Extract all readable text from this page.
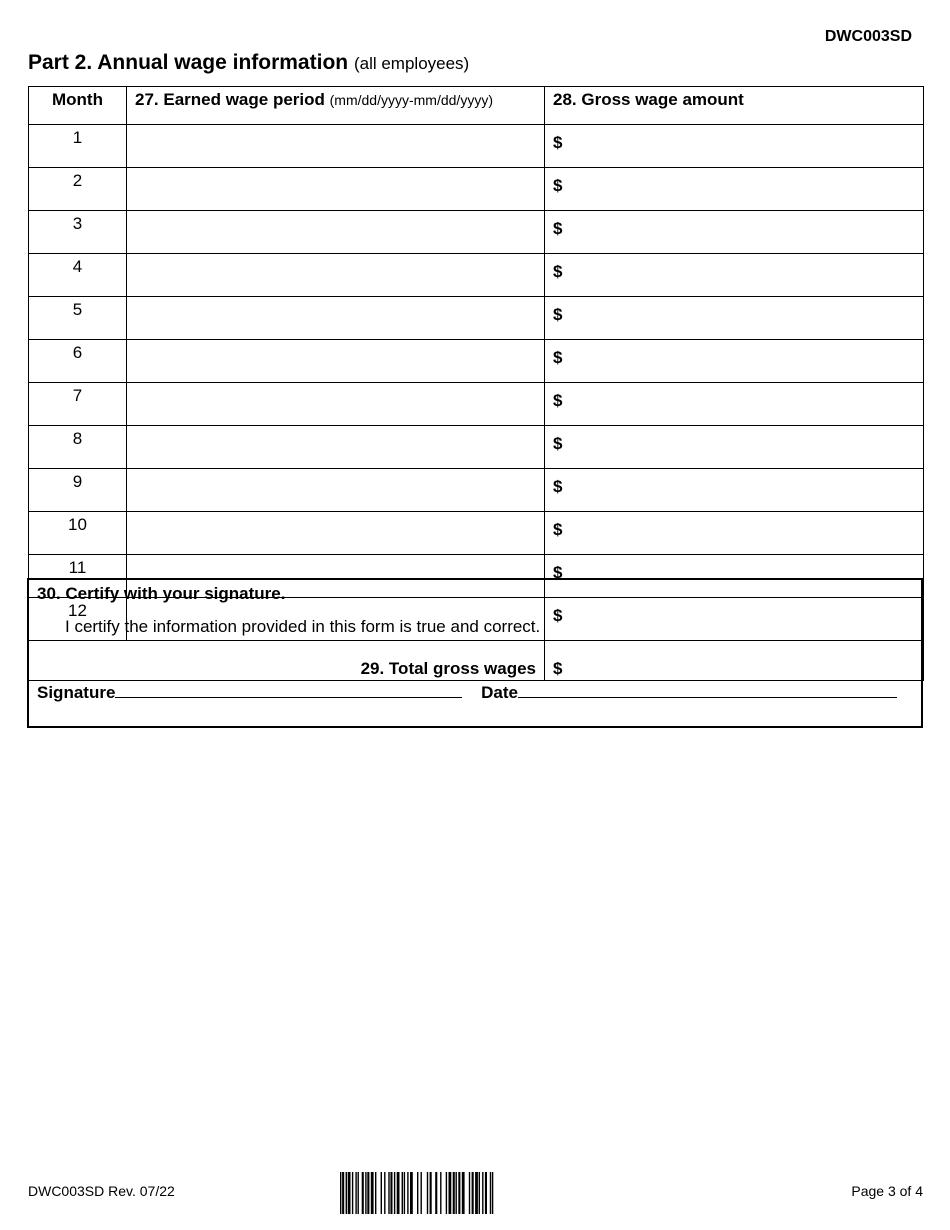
DWC003SD
Part 2. Annual wage information (all employees)
Month	27. Earned wage period (mm/dd/yyyy-mm/dd/yyyy)	28. Gross wage amount
1		$
2		$
3		$
4		$
5		$
6		$
7		$
8		$
9		$
10		$
11		$
12		$
29. Total gross wages		$
30. Certify with your signature.
I certify the information provided in this form is true and correct.
Signature	Date
DWC003SD Rev. 07/22	Page 3 of 4
